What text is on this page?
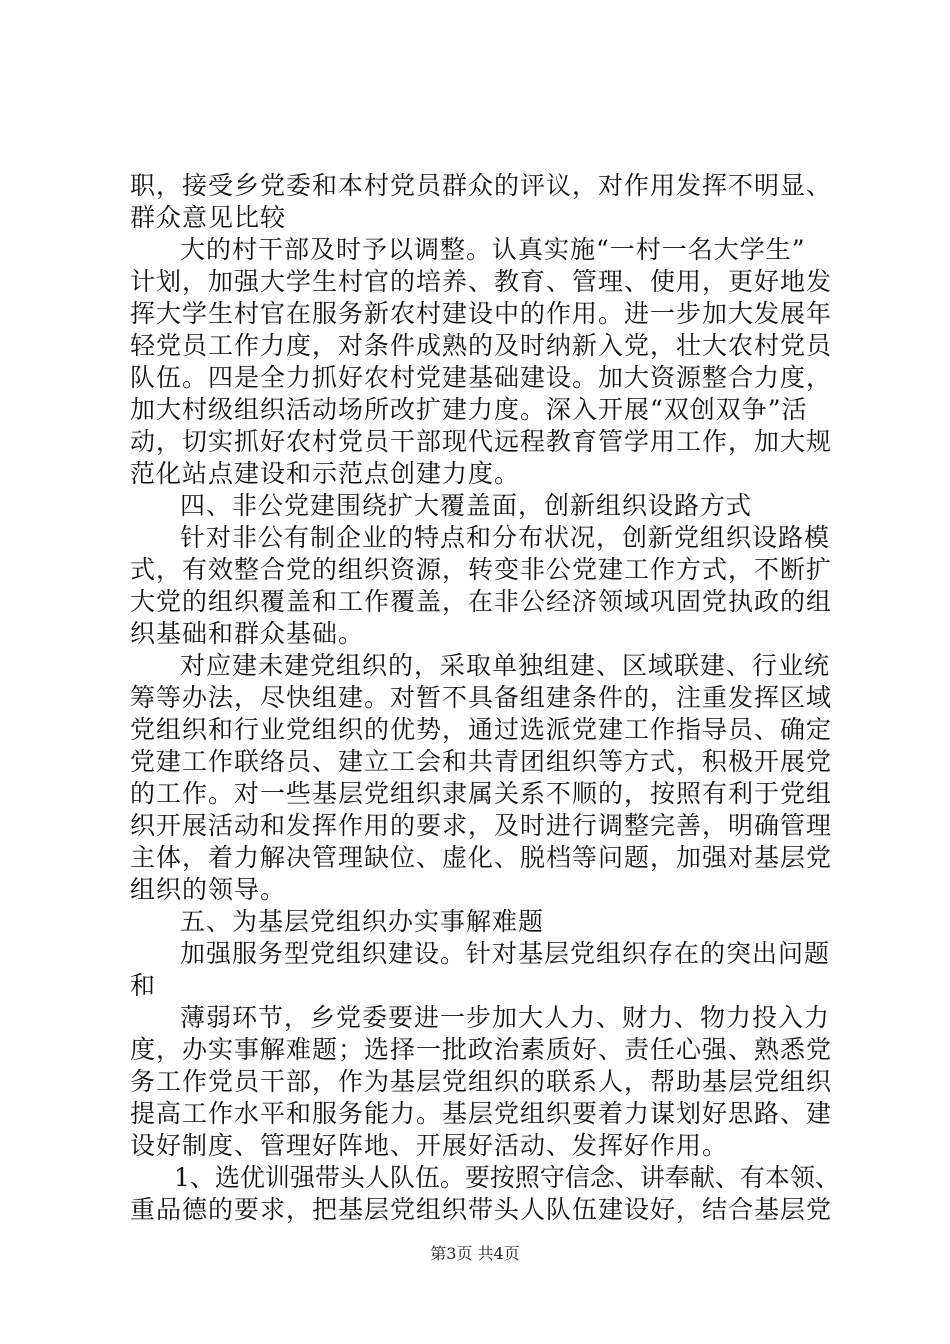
职，接受乡党委和本村党员群众的评议，对作用发挥不明显、
群众意见比较
大的村干部及时予以调整。认真实施“一村一名大学生”
计划，加强大学生村官的培养、教育、管理、使用，更好地发
挥大学生村官在服务新农村建设中的作用。进一步加大发展年
轻党员工作力度，对条件成熟的及时纳新入党，壮大农村党员
队伍。四是全力抓好农村党建基础建设。加大资源整合力度，
加大村级组织活动场所改扩建力度。深入开展“双创双争”活
动，切实抓好农村党员干部现代远程教育管学用工作，加大规
范化站点建设和示范点创建力度。
四、非公党建围绕扩大覆盖面，创新组织设路方式
针对非公有制企业的特点和分布状况，创新党组织设路模
式，有效整合党的组织资源，转变非公党建工作方式，不断扩
大党的组织覆盖和工作覆盖，在非公经济领域巩固党执政的组
织基础和群众基础。
对应建未建党组织的，采取单独组建、区域联建、行业统
筹等办法，尽快组建。对暂不具备组建条件的，注重发挥区域
党组织和行业党组织的优势，通过选派党建工作指导员、确定
党建工作联络员、建立工会和共青团组织等方式，积极开展党
的工作。对一些基层党组织隶属关系不顺的，按照有利于党组
织开展活动和发挥作用的要求，及时进行调整完善，明确管理
主体，着力解决管理缺位、虚化、脱档等问题，加强对基层党
组织的领导。
五、为基层党组织办实事解难题
加强服务型党组织建设。针对基层党组织存在的突出问题
和
薄弱环节，乡党委要进一步加大人力、财力、物力投入力
度，办实事解难题；选择一批政治素质好、责任心强、熟悉党
务工作党员干部，作为基层党组织的联系人，帮助基层党组织
提高工作水平和服务能力。基层党组织要着力谋划好思路、建
设好制度、管理好阵地、开展好活动、发挥好作用。
1、选优训强带头人队伍。要按照守信念、讲奉献、有本领、
重品德的要求，把基层党组织带头人队伍建设好，结合基层党
第3页 共4页
